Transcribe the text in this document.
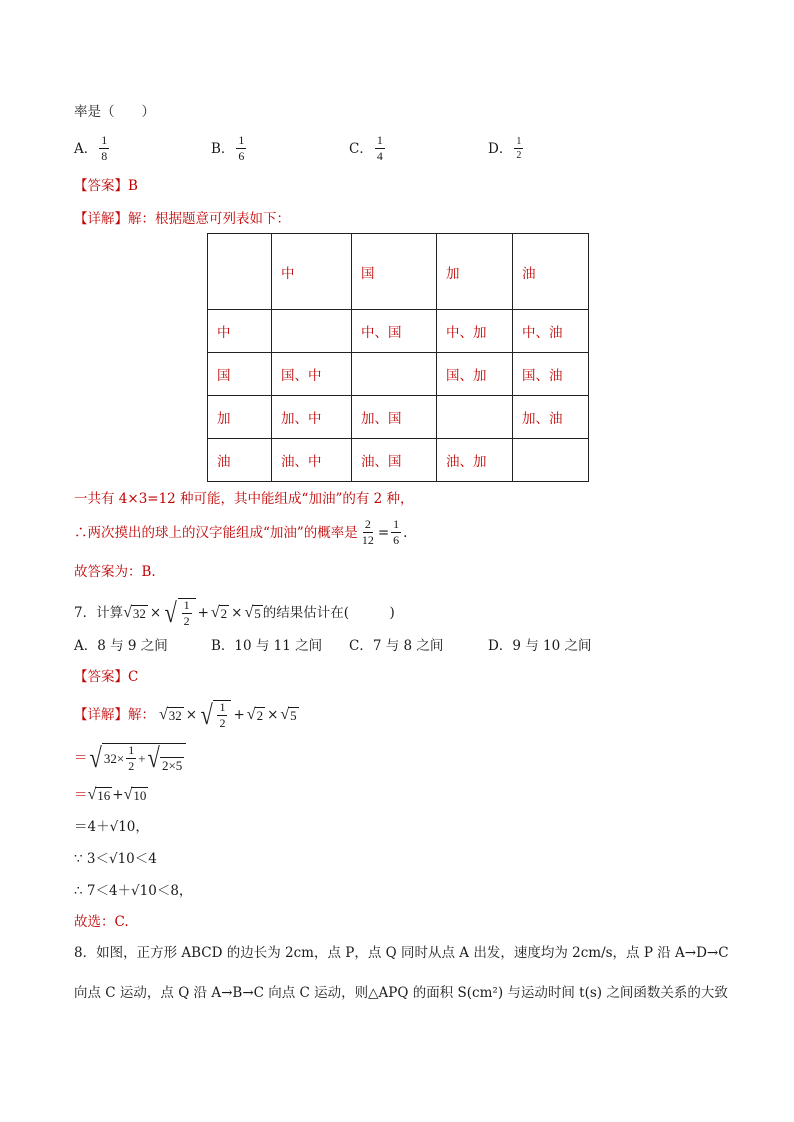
率是（　　）
A． $\frac{1}{8}$	B． $\frac{1}{6}$	C． $\frac{1}{4}$	D． $\frac{1}{2}$
【答案】B
【详解】解：根据题意可列表如下：
	中	国	加	油
中		中、国	中、加	中、油
国	国、中		国、加	国、油
加	加、中	加、国		加、油
油	油、中	油、国	油、加	
一共有 4×3=12 种可能，其中能组成“加油”的有 2 种，
∴两次摸出的球上的汉字能组成“加油”的概率是 $\frac{2}{12} = \frac{1}{6}$ .
故答案为：B.
7．计算 √ 32 × √ $\frac{1}{2}$ + √ 2 × √ 5 的结果估计在(　　　)
A．8 与 9 之间	B．10 与 11 之间 C．7 与 8 之间	D．9 与 10 之间
【答案】C
【详解】 解： √ 32 × √ $\frac{1}{2}$ + √ 2 × √ 5
＝ √ $32\times \frac{1}{2}$ + √ 2×5
＝ √ 16 + √ 10
＝4＋√10，
∵ 3＜√10＜4
∴ 7＜4＋√10＜8，
故选：C.
8．如图，正方形 ABCD 的边长为 2cm，点 P，点 Q 同时从点 A 出发，速度均为 2cm/s，点 P 沿 A→D→C
向点 C 运动，点 Q 沿 A→B→C 向点 C 运动，则△APQ 的面积 S(cm²) 与运动时间 t(s) 之间函数关系的大致
